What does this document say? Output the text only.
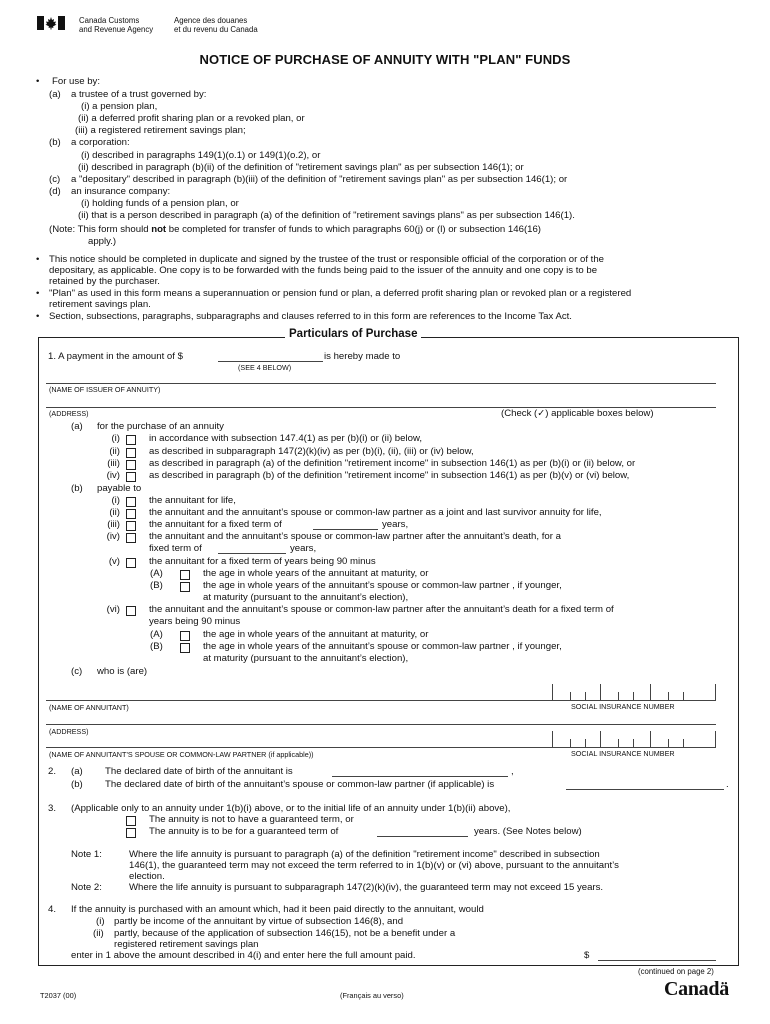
Canada Customs
and Revenue Agency
Agence des douanes
et du revenu du Canada
NOTICE OF PURCHASE OF ANNUITY WITH "PLAN" FUNDS
• For use by:
(a) a trustee of a trust governed by:
(i) a pension plan,
(ii) a deferred profit sharing plan or a revoked plan, or
(iii) a registered retirement savings plan;
(b) a corporation:
(i) described in paragraphs 149(1)(o.1) or 149(1)(o.2), or
(ii) described in paragraph (b)(ii) of the definition of "retirement savings plan" as per subsection 146(1); or
(c) a "depositary" described in paragraph (b)(iii) of the definition of "retirement savings plan" as per subsection 146(1); or
(d) an insurance company:
(i) holding funds of a pension plan, or
(ii) that is a person described in paragraph (a) of the definition of "retirement savings plans" as per subsection 146(1).
(Note: This form should not be completed for transfer of funds to which paragraphs 60(j) or (l) or subsection 146(16)
apply.)
• This notice should be completed in duplicate and signed by the trustee of the trust or responsible official of the corporation or of the
depositary, as applicable. One copy is to be forwarded with the funds being paid to the issuer of the annuity and one copy is to be
retained by the purchaser.
• "Plan" as used in this form means a superannuation or pension fund or plan, a deferred profit sharing plan or revoked plan or a registered
retirement savings plan.
• Section, subsections, paragraphs, subparagraphs and clauses referred to in this form are references to the Income Tax Act.
Particulars of Purchase
1. A payment in the amount of $	is hereby made to
(SEE 4 BELOW)
(NAME OF ISSUER OF ANNUITY)
(ADDRESS)	(Check (✓) applicable boxes below)
(a) for the purchase of an annuity
(i)	in accordance with subsection 147.4(1) as per (b)(i) or (ii) below,
(ii)	as described in subparagraph 147(2)(k)(iv) as per (b)(i), (ii), (iii) or (iv) below,
(iii)	as described in paragraph (a) of the definition "retirement income" in subsection 146(1) as per (b)(i) or (ii) below, or
(iv)	as described in paragraph (b) of the definition "retirement income" in subsection 146(1) as per (b)(v) or (vi) below,
(b) payable to
(i)	the annuitant for life,
(ii)	the annuitant and the annuitant’s spouse or common-law partner as a joint and last survivor annuity for life,
(iii)	the annuitant for a fixed term of	years,
(iv)	the annuitant and the annuitant’s spouse or common-law partner after the annuitant’s death, for a
fixed term of	years,
(v)	the annuitant for a fixed term of years being 90 minus
(A)	the age in whole years of the annuitant at maturity, or
(B)	the age in whole years of the annuitant’s spouse or common-law partner , if younger,
at maturity (pursuant to the annuitant’s election),
(vi)	the annuitant and the annuitant’s spouse or common-law partner after the annuitant’s death for a fixed term of
years being 90 minus
(A)	the age in whole years of the annuitant at maturity, or
(B)	the age in whole years of the annuitant’s spouse or common-law partner , if younger,
at maturity (pursuant to the annuitant’s election),
(c) who is (are)
(NAME OF ANNUITANT)	SOCIAL INSURANCE NUMBER
(ADDRESS)
(NAME OF ANNUITANT’S SPOUSE OR COMMON-LAW PARTNER (if applicable))	SOCIAL INSURANCE NUMBER
2. (a) The declared date of birth of the annuitant is	,
(b) The declared date of birth of the annuitant’s spouse or common-law partner (if applicable) is	.
3. (Applicable only to an annuity under 1(b)(i) above, or to the initial life of an annuity under 1(b)(ii) above),
The annuity is not to have a guaranteed term, or
The annuity is to be for a guaranteed term of	years. (See Notes below)
Note 1:	Where the life annuity is pursuant to paragraph (a) of the definition "retirement income" described in subsection
146(1), the guaranteed term may not exceed the term referred to in 1(b)(v) or (vi) above, pursuant to the annuitant’s
election.
Note 2:	Where the life annuity is pursuant to subparagraph 147(2)(k)(iv), the guaranteed term may not exceed 15 years.
4. If the annuity is purchased with an amount which, had it been paid directly to the annuitant, would
(i) partly be income of the annuitant by virtue of subsection 146(8), and
(ii) partly, because of the application of subsection 146(15), not be a benefit under a
registered retirement savings plan
enter in 1 above the amount described in 4(i) and enter here the full amount paid.	$
(continued on page 2)
T2037 (00)	(Français au verso)	Canadä
